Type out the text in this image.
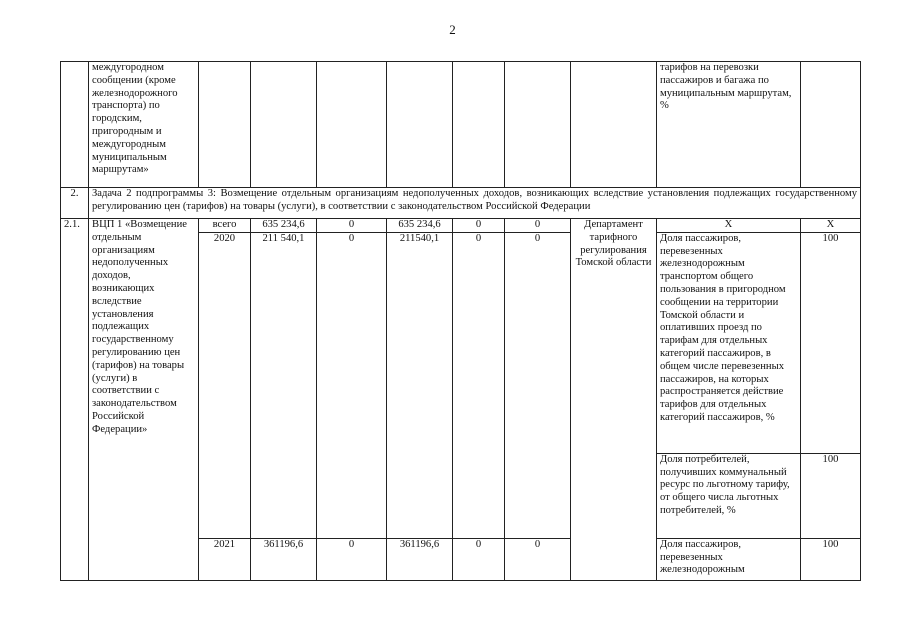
2
	междугородном сообщении (кроме железнодорожного транспорта) по городским, пригородным и междугородным муниципальным маршрутам»								тарифов на перевозки пассажиров и багажа по муниципальным маршрутам, %	
2.	Задача 2 подпрограммы 3: Возмещение отдельным организациям недополученных доходов, возникающих вследствие установления подлежащих государственному регулированию цен (тарифов) на товары (услуги), в соответствии с законодательством Российской Федерации									
2.1.	ВЦП 1 «Возмещение отдельным организациям недополученных доходов, возникающих вследствие установления подлежащих государственному регулированию цен (тарифов) на товары (услуги) в соответствии с законодательством Российской Федерации»	всего	635 234,6	0	635 234,6	0	0	Департамент тарифного регулирования Томской области	Х	Х
		2020	211 540,1	0	211540,1	0	0		Доля пассажиров, перевезенных железнодорожным транспортом общего пользования в пригородном сообщении на территории Томской области и оплативших проезд по тарифам для отдельных категорий пассажиров, в общем числе перевезенных пассажиров, на которых распространяется действие тарифов для отдельных категорий пассажиров, %	100
									Доля потребителей, получивших коммунальный ресурс по льготному тарифу, от общего числа льготных потребителей, %	100
		2021	361196,6	0	361196,6	0	0		Доля пассажиров, перевезенных железнодорожным	100
